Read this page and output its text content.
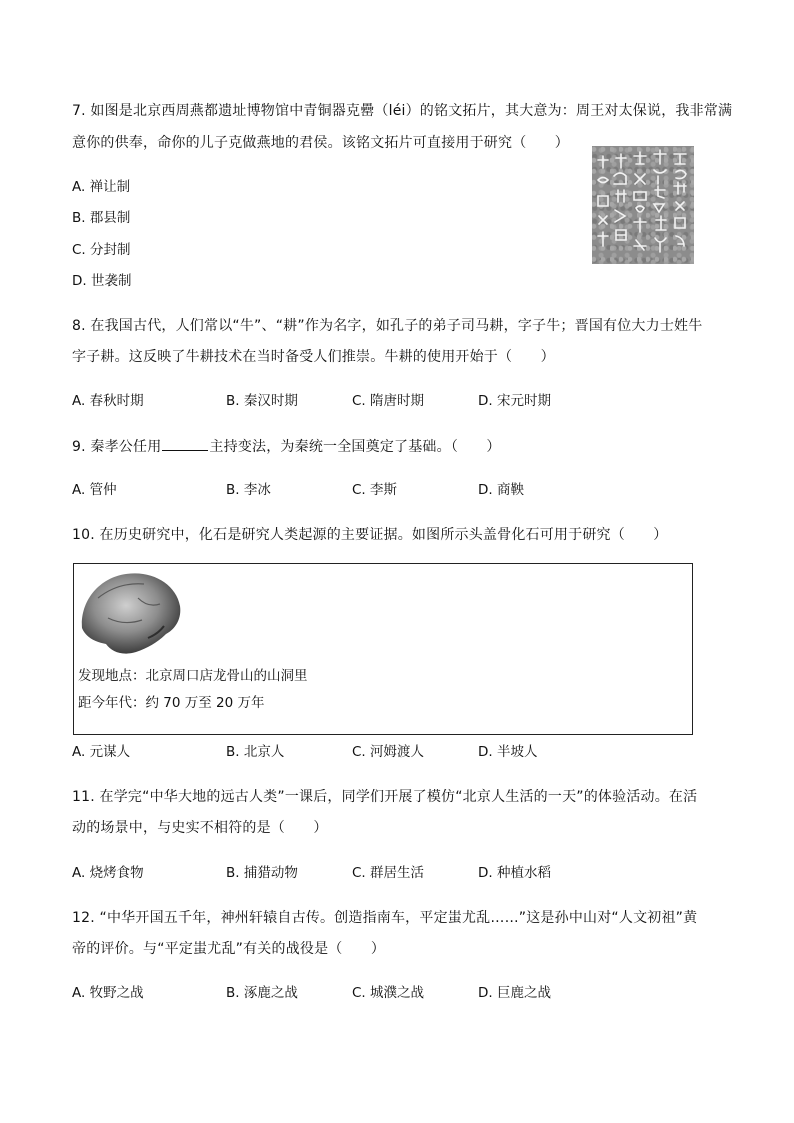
7. 如图是北京西周燕都遗址博物馆中青铜器克罍（léi）的铭文拓片，其大意为：周王对太保说，我非常满
意你的供奉，命你的儿子克做燕地的君侯。该铭文拓片可直接用于研究（　　）
A. 禅让制
B. 郡县制
C. 分封制
D. 世袭制
8. 在我国古代，人们常以“牛”、“耕”作为名字，如孔子的弟子司马耕，字子牛；晋国有位大力士姓牛
字子耕。这反映了牛耕技术在当时备受人们推崇。牛耕的使用开始于（　　）
A. 春秋时期	B. 秦汉时期	C. 隋唐时期	D. 宋元时期
9. 秦孝公任用	主持变法，为秦统一全国奠定了基础。（　　）
A. 管仲	B. 李冰	C. 李斯	D. 商鞅
10. 在历史研究中，化石是研究人类起源的主要证据。如图所示头盖骨化石可用于研究（　　）
发现地点：北京周口店龙骨山的山洞里
距今年代：约 70 万至 20 万年
A. 元谋人	B. 北京人	C. 河姆渡人	D. 半坡人
11. 在学完“中华大地的远古人类”一课后，同学们开展了模仿“北京人生活的一天”的体验活动。在活
动的场景中，与史实不相符的是（　　）
A. 烧烤食物	B. 捕猎动物	C. 群居生活	D. 种植水稻
12. “中华开国五千年，神州轩辕自古传。创造指南车，平定蚩尤乱……”这是孙中山对“人文初祖”黄
帝的评价。与“平定蚩尤乱”有关的战役是（　　）
A. 牧野之战	B. 涿鹿之战	C. 城濮之战	D. 巨鹿之战
